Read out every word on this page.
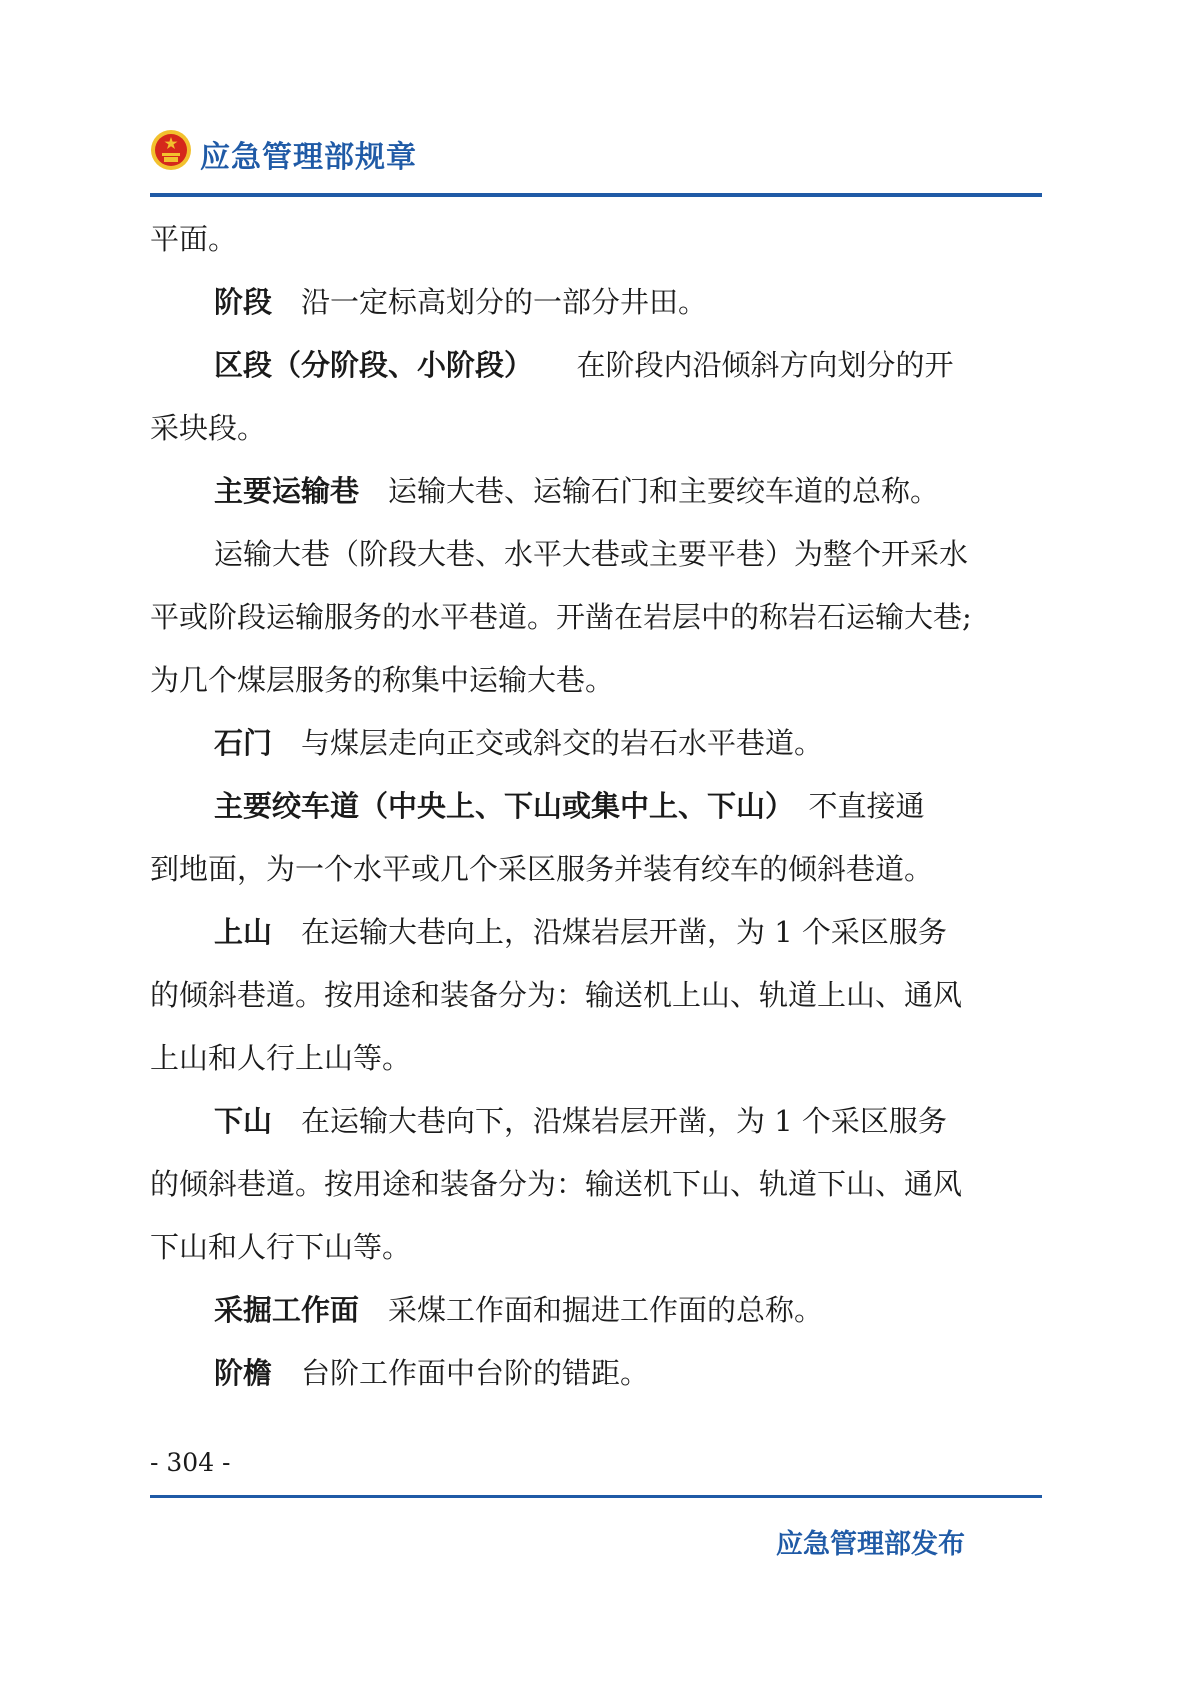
应急管理部规章
平面。
阶段　沿一定标高划分的一部分井田。
区段（分阶段、小阶段）　　在阶段内沿倾斜方向划分的开
采块段。
主要运输巷　运输大巷、运输石门和主要绞车道的总称。
运输大巷（阶段大巷、水平大巷或主要平巷）为整个开采水
平或阶段运输服务的水平巷道。开凿在岩层中的称岩石运输大巷;
为几个煤层服务的称集中运输大巷。
石门　与煤层走向正交或斜交的岩石水平巷道。
主要绞车道（中央上、下山或集中上、下山）　不直接通
到地面，为一个水平或几个采区服务并装有绞车的倾斜巷道。
上山　在运输大巷向上，沿煤岩层开凿，为 1 个采区服务
的倾斜巷道。按用途和装备分为：输送机上山、轨道上山、通风
上山和人行上山等。
下山　在运输大巷向下，沿煤岩层开凿，为 1 个采区服务
的倾斜巷道。按用途和装备分为：输送机下山、轨道下山、通风
下山和人行下山等。
采掘工作面　采煤工作面和掘进工作面的总称。
阶檐　台阶工作面中台阶的错距。
- 304 -
应急管理部发布
